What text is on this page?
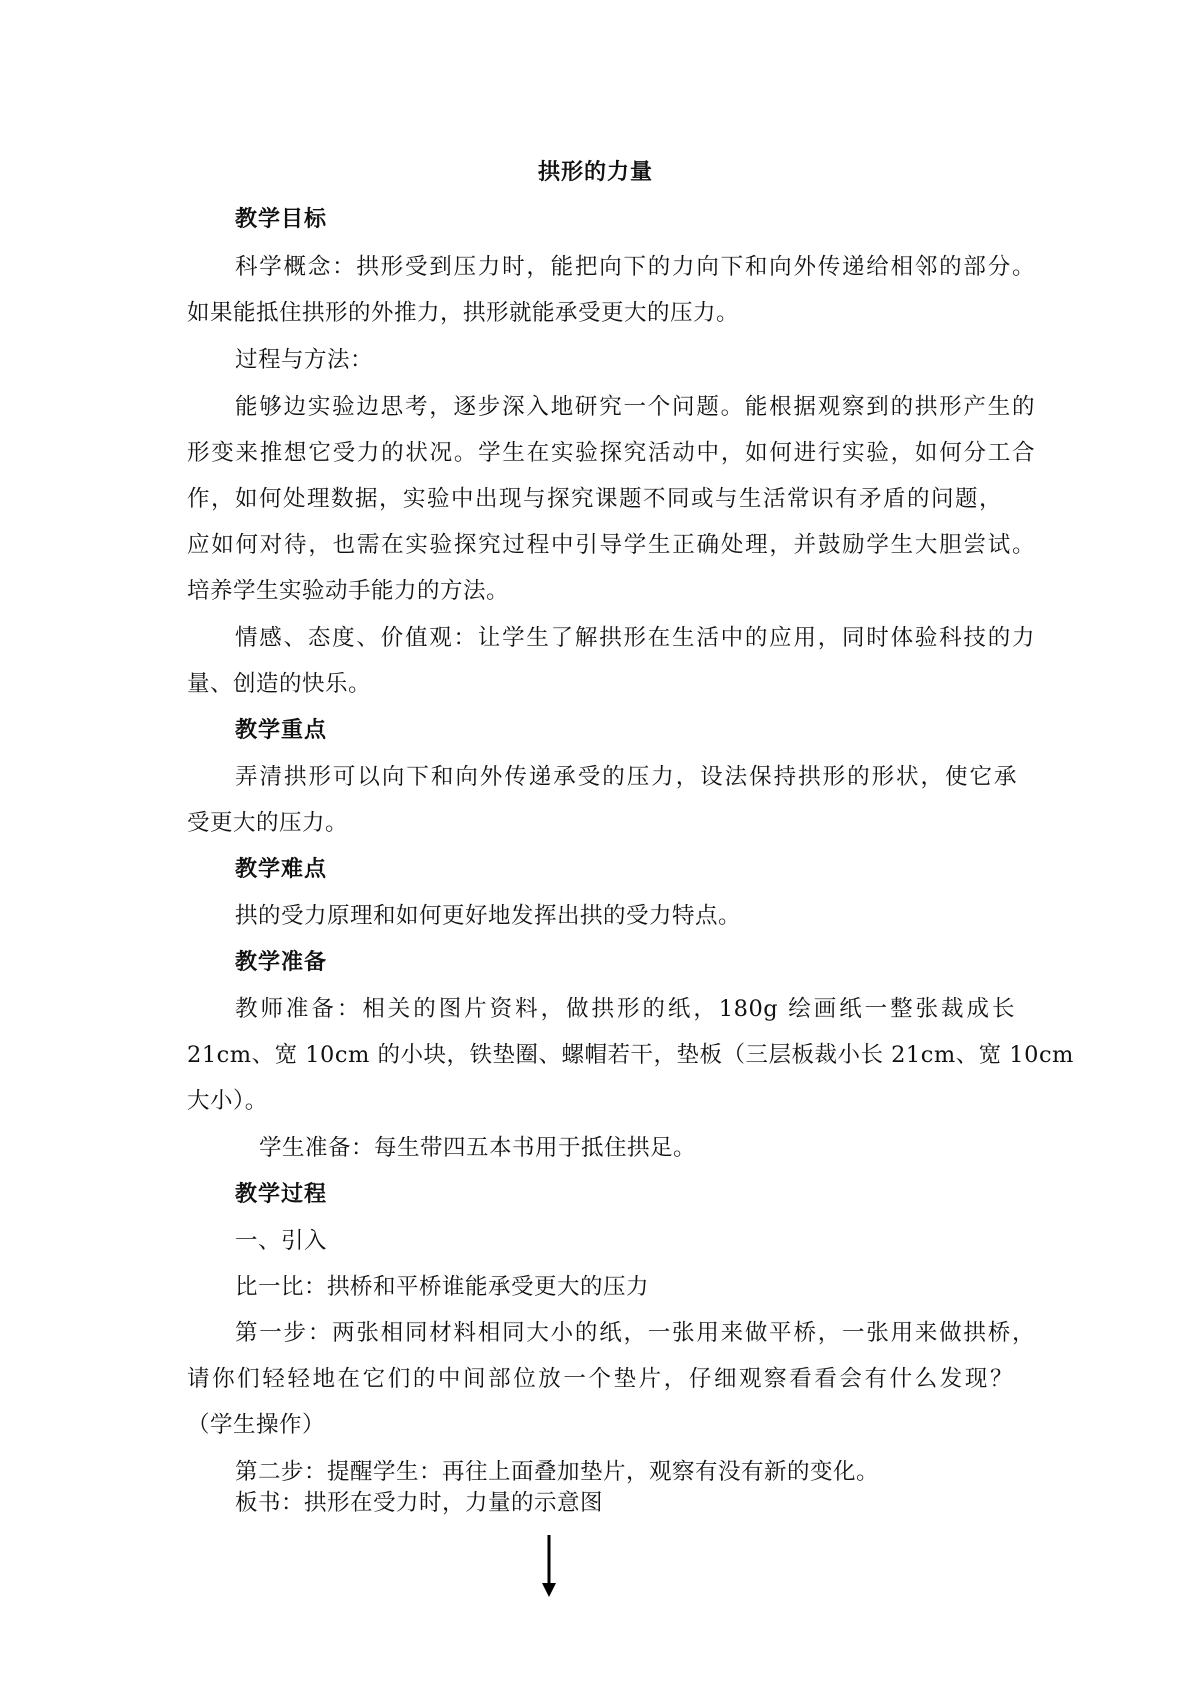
拱形的力量
教学目标
科学概念：拱形受到压力时，能把向下的力向下和向外传递给相邻的部分。
如果能抵住拱形的外推力，拱形就能承受更大的压力。
过程与方法：
能够边实验边思考，逐步深入地研究一个问题。能根据观察到的拱形产生的
形变来推想它受力的状况。学生在实验探究活动中，如何进行实验，如何分工合
作，如何处理数据，实验中出现与探究课题不同或与生活常识有矛盾的问题，
应如何对待，也需在实验探究过程中引导学生正确处理，并鼓励学生大胆尝试。
培养学生实验动手能力的方法。
情感、态度、价值观：让学生了解拱形在生活中的应用，同时体验科技的力
量、创造的快乐。
教学重点
弄清拱形可以向下和向外传递承受的压力，设法保持拱形的形状，使它承
受更大的压力。
教学难点
拱的受力原理和如何更好地发挥出拱的受力特点。
教学准备
教师准备：相关的图片资料，做拱形的纸，180g 绘画纸一整张裁成长
21cm、宽 10cm 的小块，铁垫圈、螺帽若干，垫板（三层板裁小长 21cm、宽 10cm
大小）。
学生准备：每生带四五本书用于抵住拱足。
教学过程
一、引入
比一比：拱桥和平桥谁能承受更大的压力
第一步：两张相同材料相同大小的纸，一张用来做平桥，一张用来做拱桥，
请你们轻轻地在它们的中间部位放一个垫片，仔细观察看看会有什么发现？
（学生操作）
第二步：提醒学生：再往上面叠加垫片，观察有没有新的变化。
板书：拱形在受力时，力量的示意图
